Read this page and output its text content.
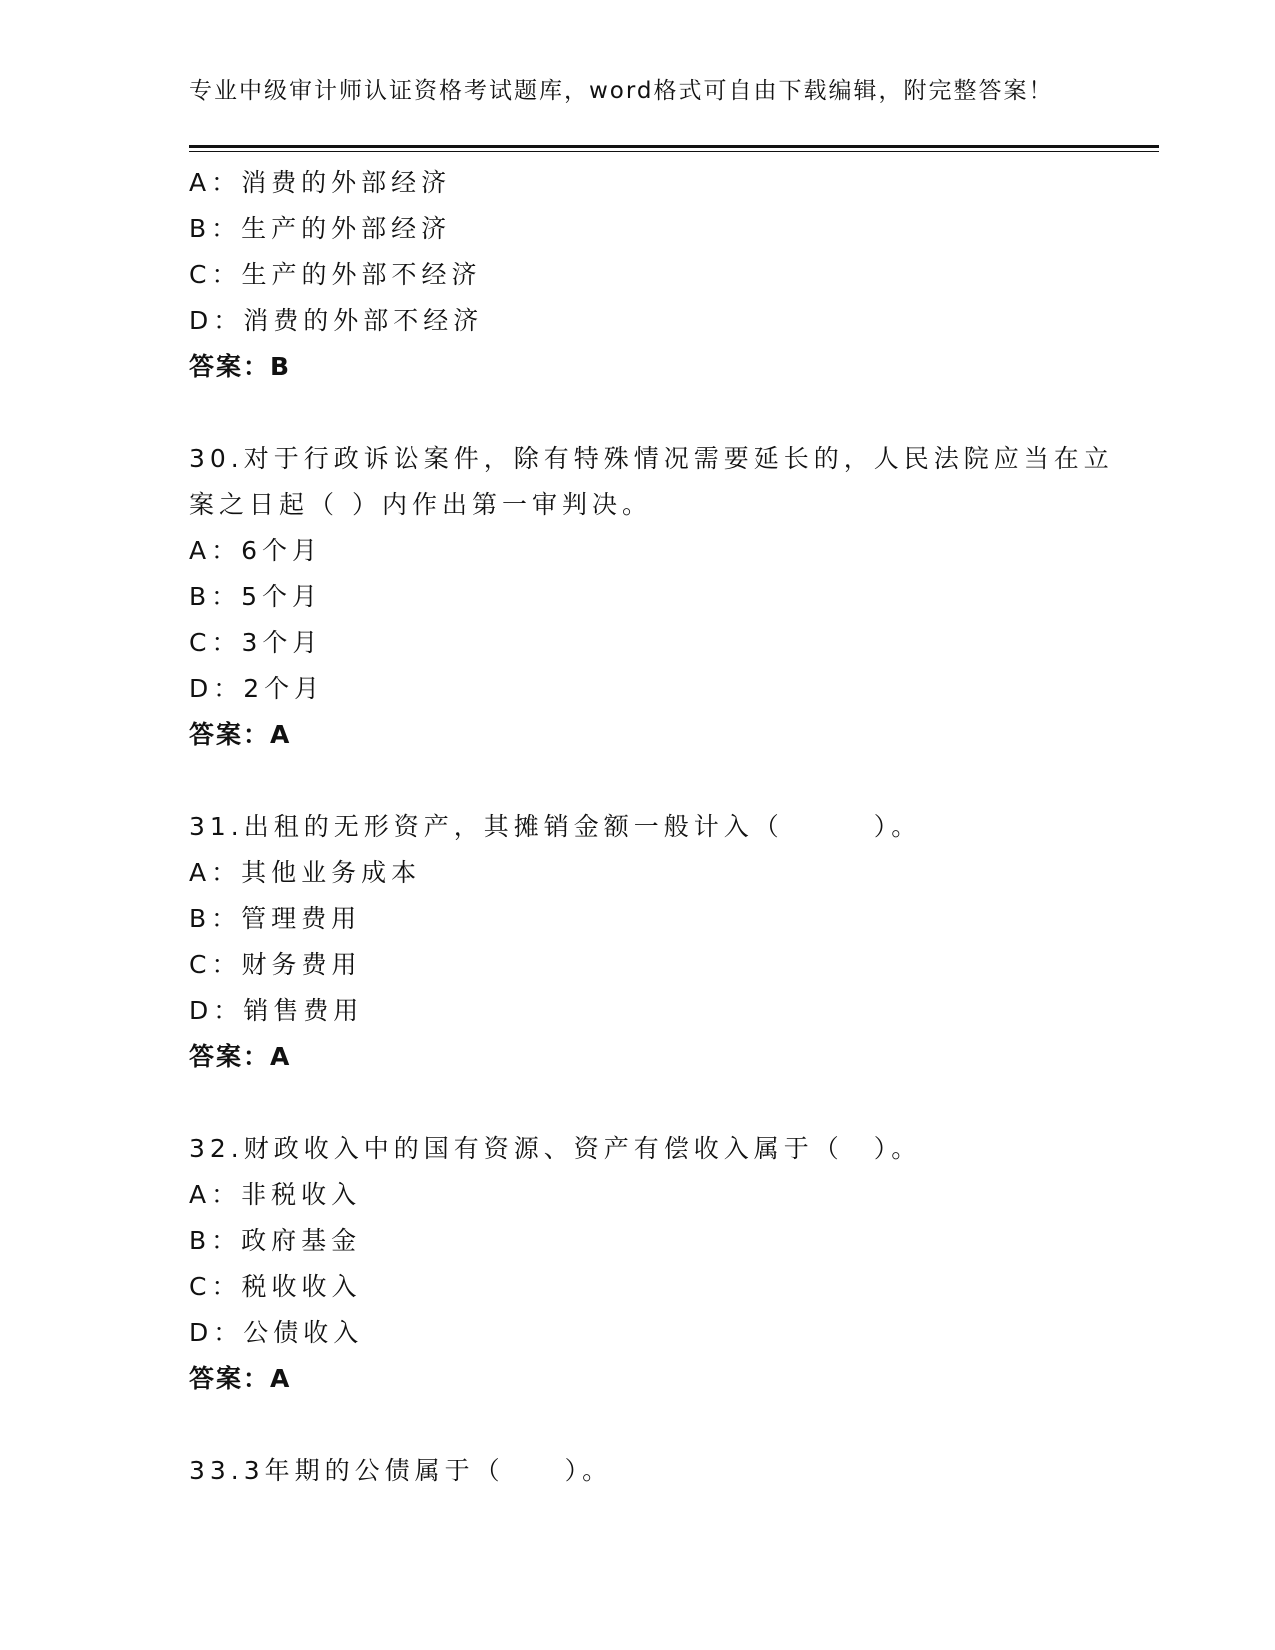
专业中级审计师认证资格考试题库，word格式可自由下载编辑，附完整答案！
A：消费的外部经济
B：生产的外部经济
C：生产的外部不经济
D：消费的外部不经济
答案：B
30.对于行政诉讼案件，除有特殊情况需要延长的，人民法院应当在立
案之日起（ ）内作出第一审判决。
A：6个月
B：5个月
C：3个月
D：2个月
答案：A
31.出租的无形资产，其摊销金额一般计入（　　　）。
A：其他业务成本
B：管理费用
C：财务费用
D：销售费用
答案：A
32.财政收入中的国有资源、资产有偿收入属于（　）。
A：非税收入
B：政府基金
C：税收收入
D：公债收入
答案：A
33.3年期的公债属于（　　）。
